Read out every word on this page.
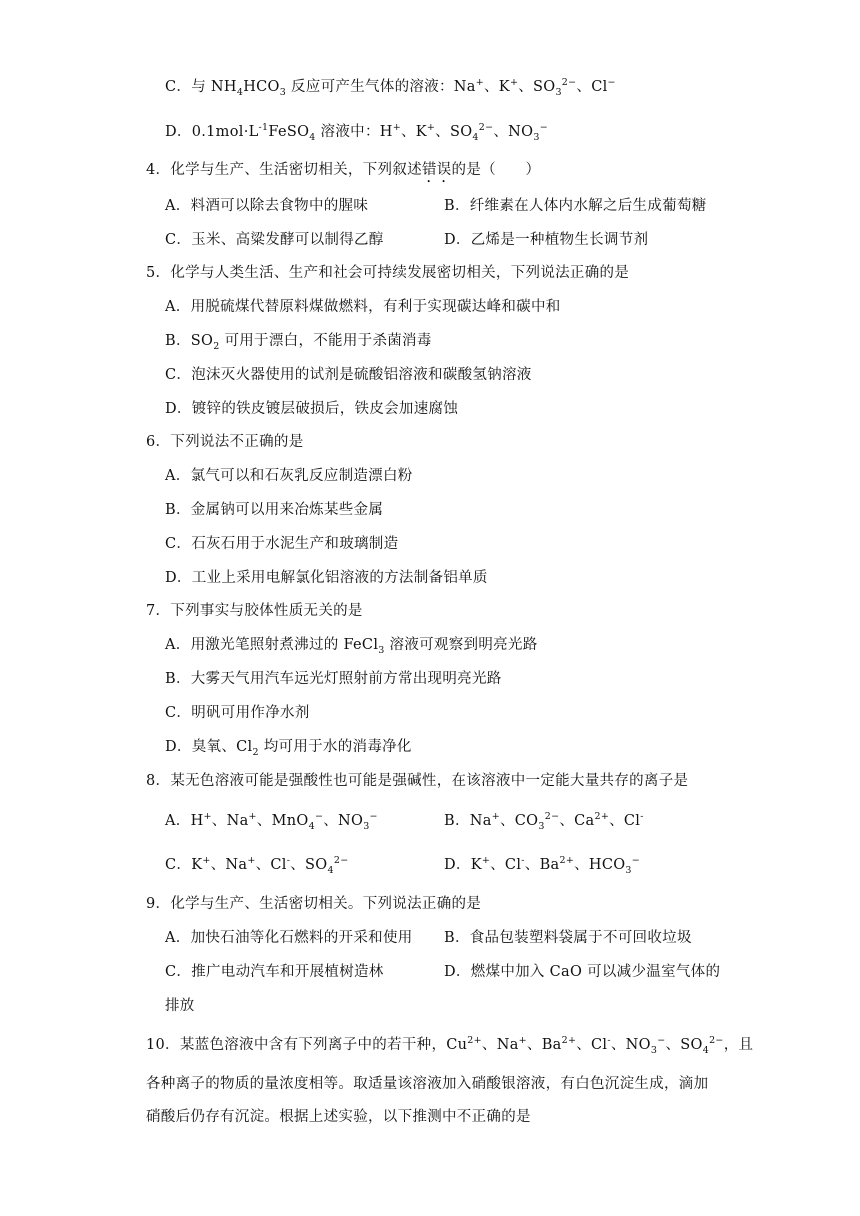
C．与 $NH_4HCO_3$ 反应可产生气体的溶液：Na+、K+、$SO_3^{2-}$、Cl−
D．$0.1mol\cdot L^{-1}FeSO_4$ 溶液中：H+、K+、$SO_4^{2-}$、$NO_3^-$
4．化学与生产、生活密切相关，下列叙述错误的是（　　）
A．料酒可以除去食物中的腥味	B．纤维素在人体内水解之后生成葡萄糖
C．玉米、高粱发酵可以制得乙醇	D．乙烯是一种植物生长调节剂
5．化学与人类生活、生产和社会可持续发展密切相关，下列说法正确的是
A．用脱硫煤代替原料煤做燃料，有利于实现碳达峰和碳中和
B．$SO_2$ 可用于漂白，不能用于杀菌消毒
C．泡沫灭火器使用的试剂是硫酸铝溶液和碳酸氢钠溶液
D．镀锌的铁皮镀层破损后，铁皮会加速腐蚀
6．下列说法不正确的是
A．氯气可以和石灰乳反应制造漂白粉
B．金属钠可以用来冶炼某些金属
C．石灰石用于水泥生产和玻璃制造
D．工业上采用电解氯化铝溶液的方法制备铝单质
7．下列事实与胶体性质无关的是
A．用激光笔照射煮沸过的 FeCl$_3$ 溶液可观察到明亮光路
B．大雾天气用汽车远光灯照射前方常出现明亮光路
C．明矾可用作净水剂
D．臭氧、$Cl_2$ 均可用于水的消毒净化
8．某无色溶液可能是强酸性也可能是强碱性，在该溶液中一定能大量共存的离子是
A．H+、Na+、MnO$_4$−、$NO_3^-$	B．Na+、$CO_3^{2-}$、$Ca^{2+}$、Cl-
C．K+、Na+、Cl-、$SO_4^{2-}$	D．K+、Cl-、$Ba^{2+}$、$HCO_3^-$
9．化学与生产、生活密切相关。下列说法正确的是
A．加快石油等化石燃料的开采和使用 B．食品包装塑料袋属于不可回收垃圾
C．推广电动汽车和开展植树造林	D．燃煤中加入 CaO 可以减少温室气体的
排放
10．某蓝色溶液中含有下列离子中的若干种，$Cu^{2+}$、Na+、$Ba^{2+}$、Cl-、$NO_3^-$、$SO_4^{2-}$，且
各种离子的物质的量浓度相等。取适量该溶液加入硝酸银溶液，有白色沉淀生成，滴加
硝酸后仍存有沉淀。根据上述实验，以下推测中不正确的是
